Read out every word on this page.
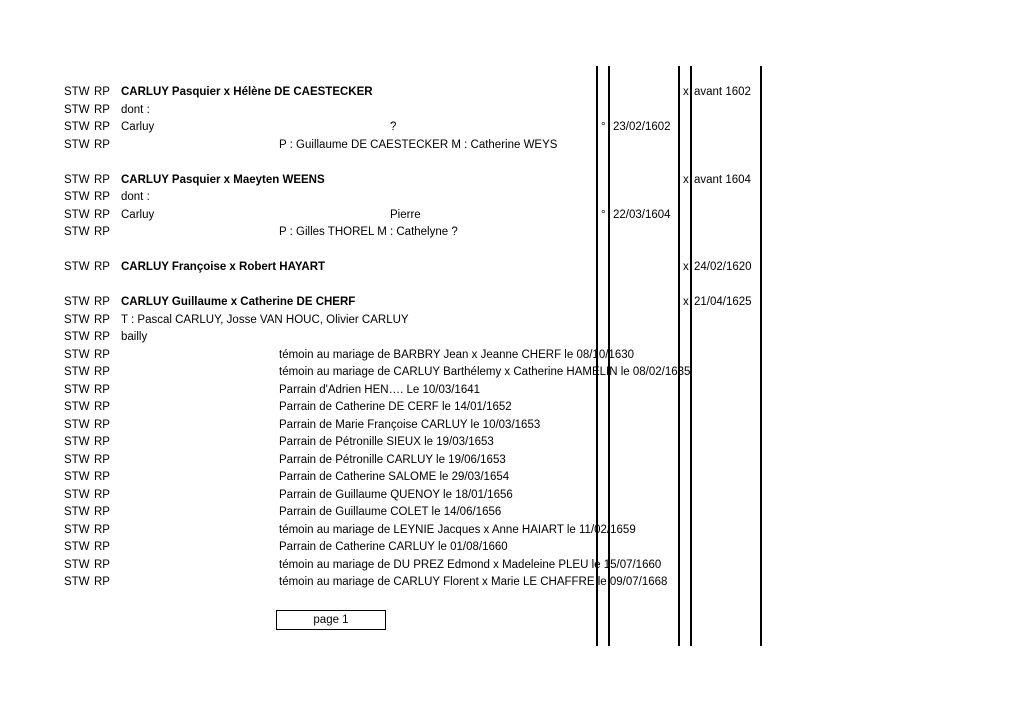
STW RP CARLUY Pasquier x Hélène DE CAESTECKER	x avant 1602
STW RP dont :
STW RP Carluy	?	° 23/02/1602
STW RP	P : Guillaume DE CAESTECKER M : Catherine WEYS
STW RP CARLUY Pasquier x Maeyten WEENS	x avant 1604
STW RP dont :
STW RP Carluy	Pierre	° 22/03/1604
STW RP	P : Gilles THOREL M : Cathelyne ?
STW RP CARLUY Françoise x Robert HAYART	x 24/02/1620
STW RP CARLUY Guillaume x Catherine DE CHERF	x 21/04/1625
STW RP T : Pascal CARLUY, Josse VAN HOUC, Olivier CARLUY
STW RP bailly
STW RP	témoin au mariage de BARBRY Jean x Jeanne CHERF le 08/10/1630
STW RP	témoin au mariage de CARLUY Barthélemy x Catherine HAMELIN le 08/02/1635
STW RP	Parrain d'Adrien HEN…. Le 10/03/1641
STW RP	Parrain de Catherine DE CERF le 14/01/1652
STW RP	Parrain de Marie Françoise CARLUY le 10/03/1653
STW RP	Parrain de Pétronille SIEUX le 19/03/1653
STW RP	Parrain de Pétronille CARLUY le 19/06/1653
STW RP	Parrain de Catherine SALOME le 29/03/1654
STW RP	Parrain de Guillaume QUENOY le 18/01/1656
STW RP	Parrain de Guillaume COLET le 14/06/1656
STW RP	témoin au mariage de LEYNIE Jacques x Anne HAIART le 11/02/1659
STW RP	Parrain de Catherine CARLUY le 01/08/1660
STW RP	témoin au mariage de DU PREZ Edmond x Madeleine PLEU le 15/07/1660
STW RP	témoin au mariage de CARLUY Florent x Marie LE CHAFFRE le 09/07/1668
page 1
